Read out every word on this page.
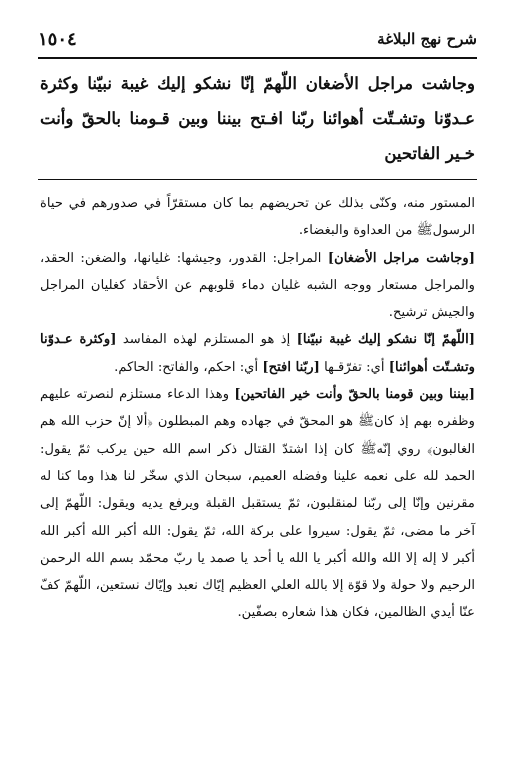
١٥٠٤	شرح نهج البلاغة
وجاشت مراجل الأضغان اللّهمّ إنّا نشكو إليك غيبة نبيّنا وكثرة عـدوّنا وتشـتّت أهوائنا ربّنا افـتح بيننا وبين قـومنا بالحقّ وأنت خـير الفاتحين

المستور منه، وكنّى بذلك عن تحريضهم بما كان مستقرّاً في صدورهم في حياة الرسولﷺ من العداوة والبغضاء.

[وجاشت مراجل الأضغان] المراجل: القدور، وجيشها: غليانها، والضغن: الحقد، والمراجل مستعار ووجه الشبه غليان دماء قلوبهم عن الأحقاد كغليان المراجل والجيش ترشيح.

[اللّهمّ إنّا نشكو إليك غيبة نبيّنا] إذ هو المستلزم لهذه المفاسد [وكثرة عـدوّنا وتشـتّت أهوائنا] أي: تفرّقـها [ربّنا افتح] أي: احكم، والفاتح: الحاكم.

[بيننا وبين قومنا بالحقّ وأنت خير الفاتحين] وهذا الدعاء مستلزم لنصرته عليهم وظفره بهم إذ كانﷺ هو المحقّ في جهاده وهم المبطلون ﴿ألا إنّ حزب الله هم الغالبون﴾ روي إنّهﷺ كان إذا اشتدّ القتال ذكر اسم الله حين يركب ثمّ يقول: الحمد لله على نعمه علينا وفضله العميم، سبحان الذي سخّر لنا هذا وما كنا له مقرنين وإنّا إلى ربّنا لمنقلبون، ثمّ يستقبل القبلة ويرفع يديه ويقول: اللّهمّ إلى آخر ما مضى، ثمّ يقول: سيروا على بركة الله، ثمّ يقول: الله أكبر الله أكبر الله أكبر لا إله إلا الله والله أكبر يا الله يا أحد يا صمد يا ربّ محمّد بسم الله الرحمن الرحيم ولا حولة ولا قوّة إلا بالله العلي العظيم إيّاك نعبد وإيّاك نستعين، اللّهمّ كفّ عنّا أيدي الظالمين، فكان هذا شعاره بصفّين.
